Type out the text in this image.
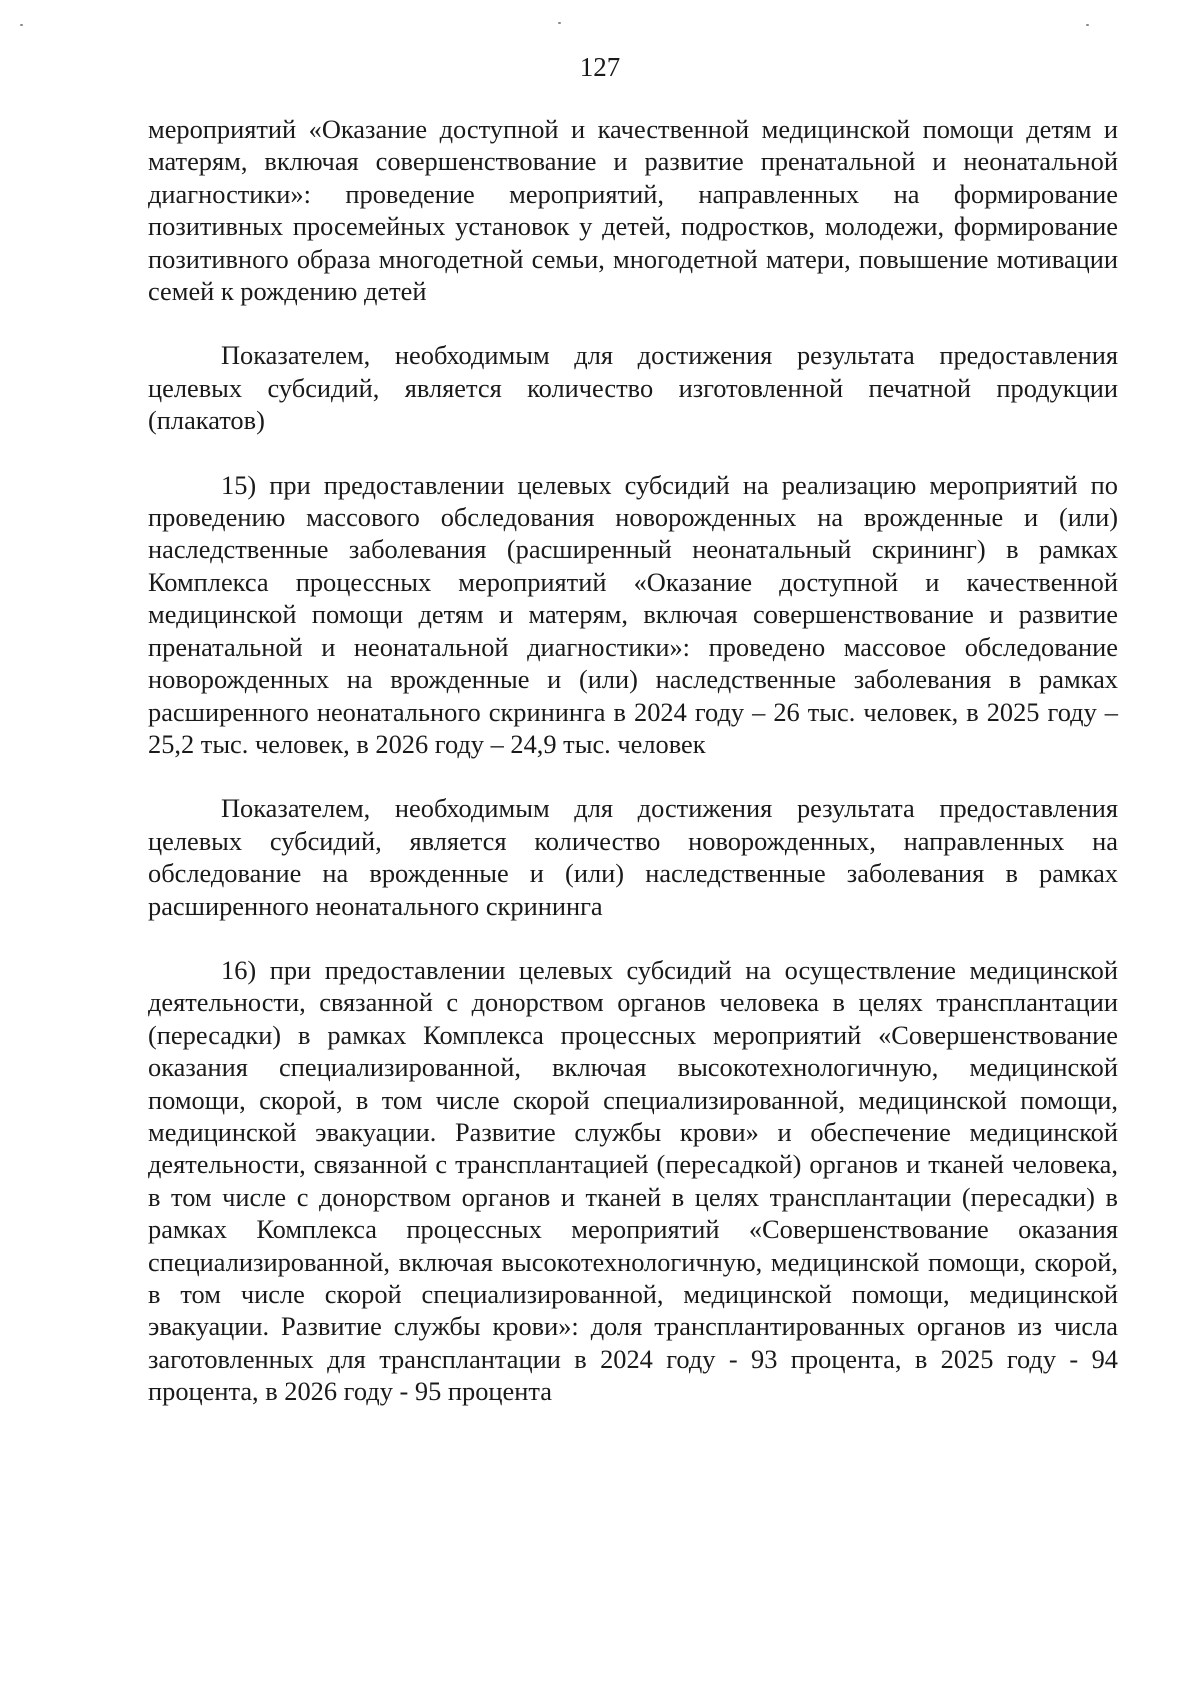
127

мероприятий «Оказание доступной и качественной медицинской помощи детям и матерям, включая совершенствование и развитие пренатальной и неонатальной диагностики»: проведение мероприятий, направленных на формирование позитивных просемейных установок у детей, подростков, молодежи, формирование позитивного образа многодетной семьи, многодетной матери, повышение мотивации семей к рождению детей

Показателем, необходимым для достижения результата предоставления целевых субсидий, является количество изготовленной печатной продукции (плакатов)

15) при предоставлении целевых субсидий на реализацию мероприятий по проведению массового обследования новорожденных на врожденные и (или) наследственные заболевания (расширенный неонатальный скрининг) в рамках Комплекса процессных мероприятий «Оказание доступной и качественной медицинской помощи детям и матерям, включая совершенствование и развитие пренатальной и неонатальной диагностики»: проведено массовое обследование новорожденных на врожденные и (или) наследственные заболевания в рамках расширенного неонатального скрининга в 2024 году – 26 тыс. человек, в 2025 году – 25,2 тыс. человек, в 2026 году – 24,9 тыс. человек

Показателем, необходимым для достижения результата предоставления целевых субсидий, является количество новорожденных, направленных на обследование на врожденные и (или) наследственные заболевания в рамках расширенного неонатального скрининга

16) при предоставлении целевых субсидий на осуществление медицинской деятельности, связанной с донорством органов человека в целях трансплантации (пересадки) в рамках Комплекса процессных мероприятий «Совершенствование оказания специализированной, включая высокотехнологичную, медицинской помощи, скорой, в том числе скорой специализированной, медицинской помощи, медицинской эвакуации. Развитие службы крови» и обеспечение медицинской деятельности, связанной с трансплантацией (пересадкой) органов и тканей человека, в том числе с донорством органов и тканей в целях трансплантации (пересадки) в рамках Комплекса процессных мероприятий «Совершенствование оказания специализированной, включая высокотехнологичную, медицинской помощи, скорой, в том числе скорой специализированной, медицинской помощи, медицинской эвакуации. Развитие службы крови»: доля трансплантированных органов из числа заготовленных для трансплантации в 2024 году - 93 процента, в 2025 году - 94 процента, в 2026 году - 95 процента
